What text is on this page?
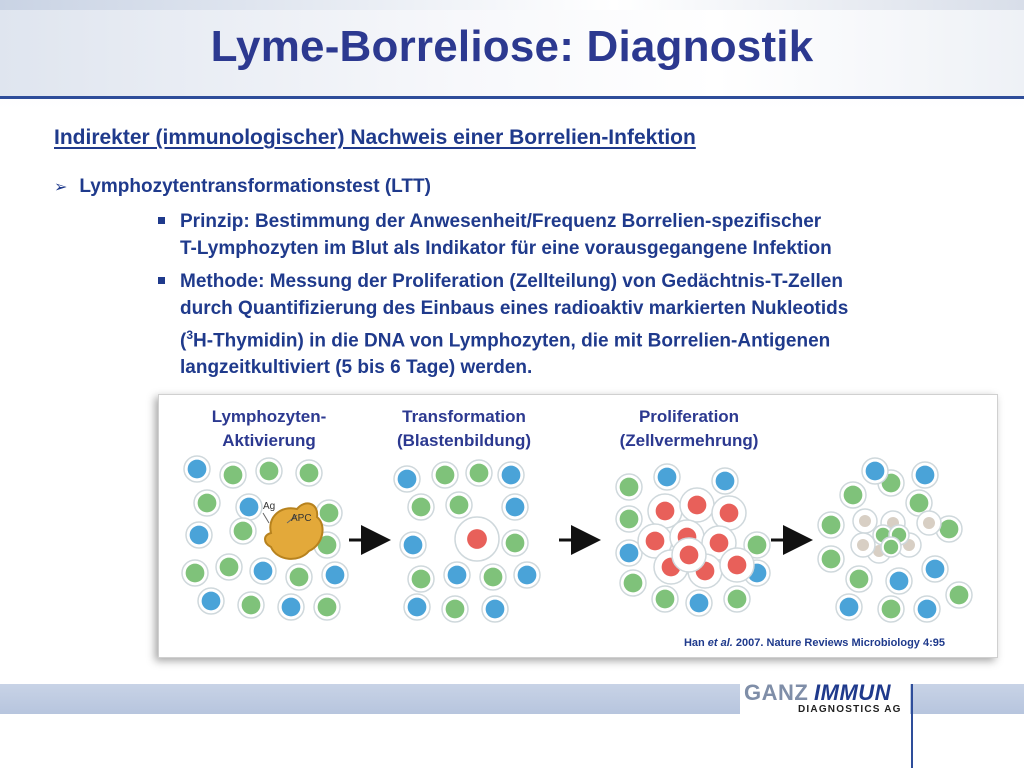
Lyme-Borreliose: Diagnostik
Indirekter (immunologischer) Nachweis einer Borrelien-Infektion
➢ Lymphozytentransformationstest (LTT)
Prinzip: Bestimmung der Anwesenheit/Frequenz Borrelien-spezifischer
T-Lymphozyten im Blut als Indikator für eine vorausgegangene Infektion
Methode: Messung der Proliferation (Zellteilung) von Gedächtnis-T-Zellen
durch Quantifizierung des Einbaus eines radioaktiv markierten Nukleotids
($^3$H-Thymidin) in die DNA von Lymphozyten, die mit Borrelien-Antigenen
langzeitkultiviert (5 bis 6 Tage) werden.
Ag
APC
Lymphozyten-
Aktivierung
Transformation
(Blastenbildung)
Proliferation
(Zellvermehrung)
Han et al. 2007. Nature Reviews Microbiology 4:95
GANZ IMMUN
DIAGNOSTICS AG
